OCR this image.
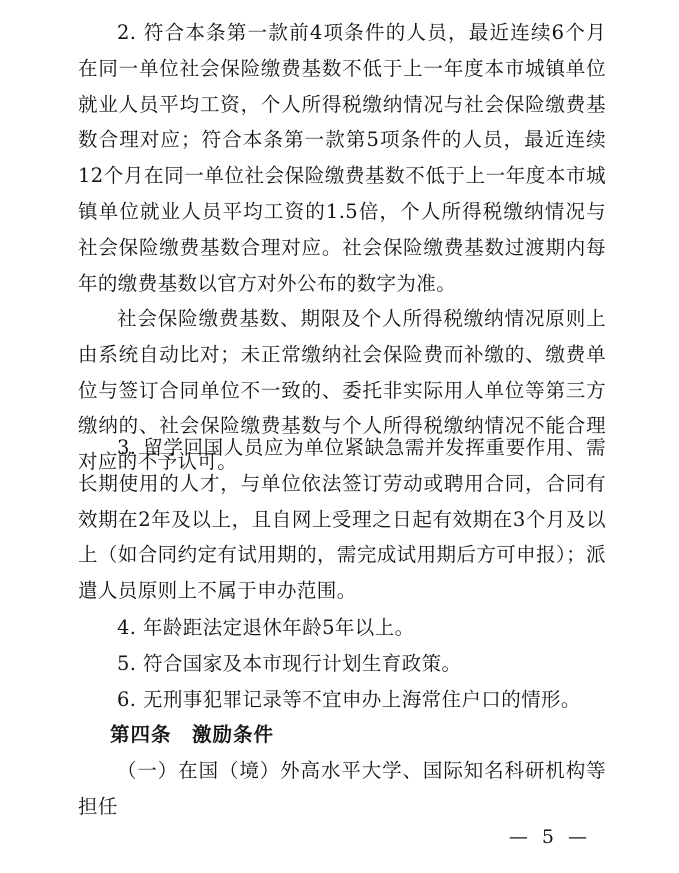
2. 符合本条第一款前4项条件的人员，最近连续6个月在同一单位社会保险缴费基数不低于上一年度本市城镇单位就业人员平均工资，个人所得税缴纳情况与社会保险缴费基数合理对应；符合本条第一款第5项条件的人员，最近连续12个月在同一单位社会保险缴费基数不低于上一年度本市城镇单位就业人员平均工资的1.5倍，个人所得税缴纳情况与社会保险缴费基数合理对应。社会保险缴费基数过渡期内每年的缴费基数以官方对外公布的数字为准。

社会保险缴费基数、期限及个人所得税缴纳情况原则上由系统自动比对；未正常缴纳社会保险费而补缴的、缴费单位与签订合同单位不一致的、委托非实际用人单位等第三方缴纳的、社会保险缴费基数与个人所得税缴纳情况不能合理对应的不予认可。

3. 留学回国人员应为单位紧缺急需并发挥重要作用、需长期使用的人才，与单位依法签订劳动或聘用合同，合同有效期在2年及以上，且自网上受理之日起有效期在3个月及以上（如合同约定有试用期的，需完成试用期后方可申报）；派遣人员原则上不属于申办范围。

4. 年龄距法定退休年龄5年以上。

5. 符合国家及本市现行计划生育政策。

6. 无刑事犯罪记录等不宜申办上海常住户口的情形。

第四条　激励条件

（一）在国（境）外高水平大学、国际知名科研机构等担任

— 5 —
